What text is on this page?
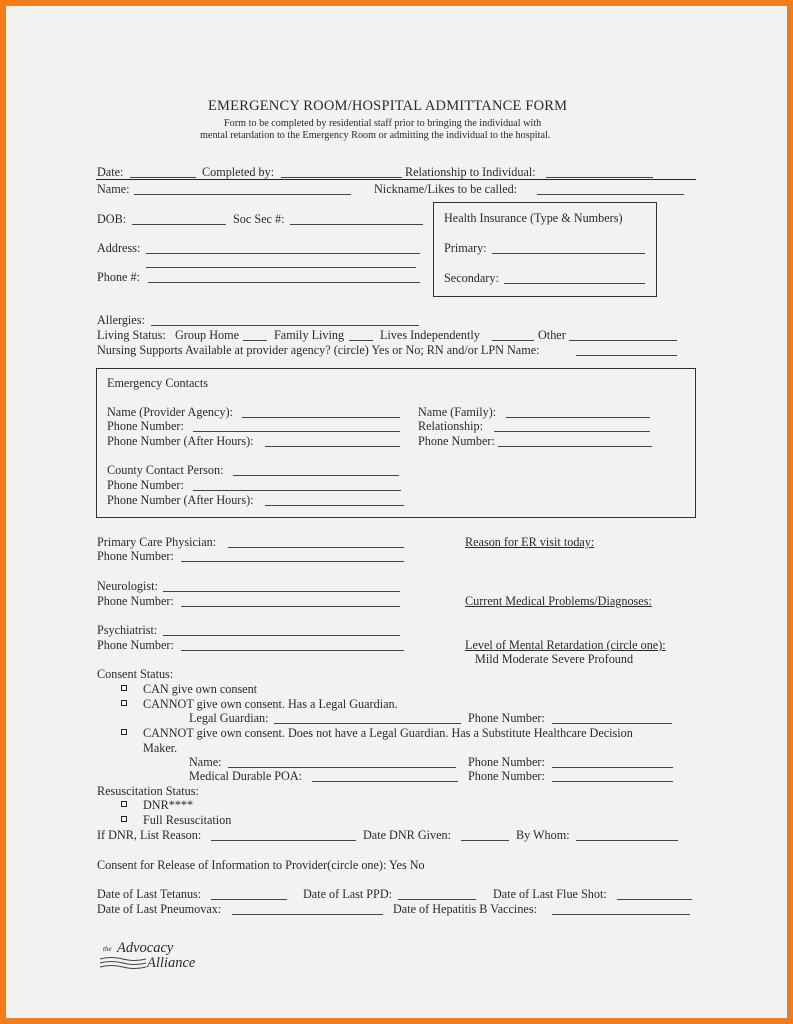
EMERGENCY ROOM/HOSPITAL ADMITTANCE FORM
Form to be completed by residential staff prior to bringing the individual with
mental retardation to the Emergency Room or admitting the individual to the hospital.
Date:	Completed by:	Relationship to Individual:
Name:	Nickname/Likes to be called:
DOB:	Soc Sec #:
Address:
Phone #:
Health Insurance (Type & Numbers)
Primary:
Secondary:
Allergies:
Living Status: Group Home	Family Living	Lives Independently	Other
Nursing Supports Available at provider agency? (circle) Yes or No; RN and/or LPN Name:
Emergency Contacts
Name (Provider Agency):
Phone Number:
Phone Number (After Hours):
Name (Family):
Relationship:
Phone Number:
County Contact Person:
Phone Number:
Phone Number (After Hours):
Primary Care Physician:
Phone Number:
Neurologist:
Phone Number:
Psychiatrist:
Phone Number:
Reason for ER visit today:
Current Medical Problems/Diagnoses:
Level of Mental Retardation (circle one):
Mild Moderate Severe Profound
Consent Status:
CAN give own consent
CANNOT give own consent. Has a Legal Guardian.
Legal Guardian:	Phone Number:
CANNOT give own consent. Does not have a Legal Guardian. Has a Substitute Healthcare Decision
Maker.
Name:	Phone Number:
Medical Durable POA:	Phone Number:
Resuscitation Status:
DNR****
Full Resuscitation
If DNR, List Reason:	Date DNR Given:	By Whom:
Consent for Release of Information to Provider(circle one): Yes No
Date of Last Tetanus:	Date of Last PPD:	Date of Last Flue Shot:
Date of Last Pneumovax:	Date of Hepatitis B Vaccines:
the Advocacy
Alliance
